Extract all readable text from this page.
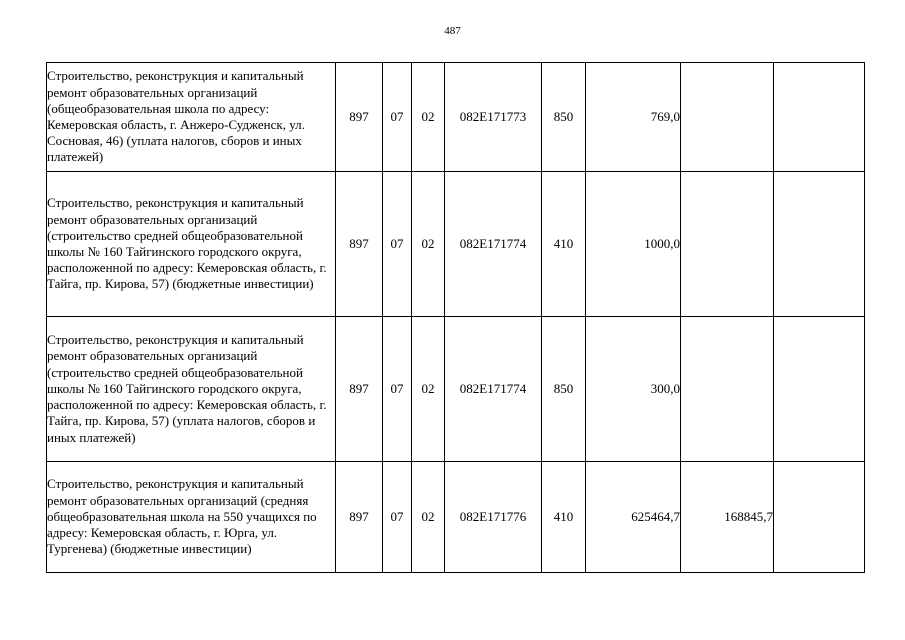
487
Строительство, реконструкция и капитальный ремонт образовательных организаций (общеобразовательная школа по адресу: Кемеровская область, г. Анжеро-Судженск, ул. Сосновая, 46) (уплата налогов, сборов и иных платежей)	897	07	02	082E171773	850	769,0		
Строительство, реконструкция и капитальный ремонт образовательных организаций (строительство средней общеобразовательной школы № 160 Тайгинского городского округа, расположенной по адресу: Кемеровская область, г. Тайга, пр. Кирова, 57) (бюджетные инвестиции)	897	07	02	082E171774	410	1000,0		
Строительство, реконструкция и капитальный ремонт образовательных организаций (строительство средней общеобразовательной школы № 160 Тайгинского городского округа, расположенной по адресу: Кемеровская область, г. Тайга, пр. Кирова, 57) (уплата налогов, сборов и иных платежей)	897	07	02	082E171774	850	300,0		
Строительство, реконструкция и капитальный ремонт образовательных организаций (средняя общеобразовательная школа на 550 учащихся по адресу: Кемеровская область, г. Юрга, ул. Тургенева) (бюджетные инвестиции)	897	07	02	082E171776	410	625464,7	168845,7	
